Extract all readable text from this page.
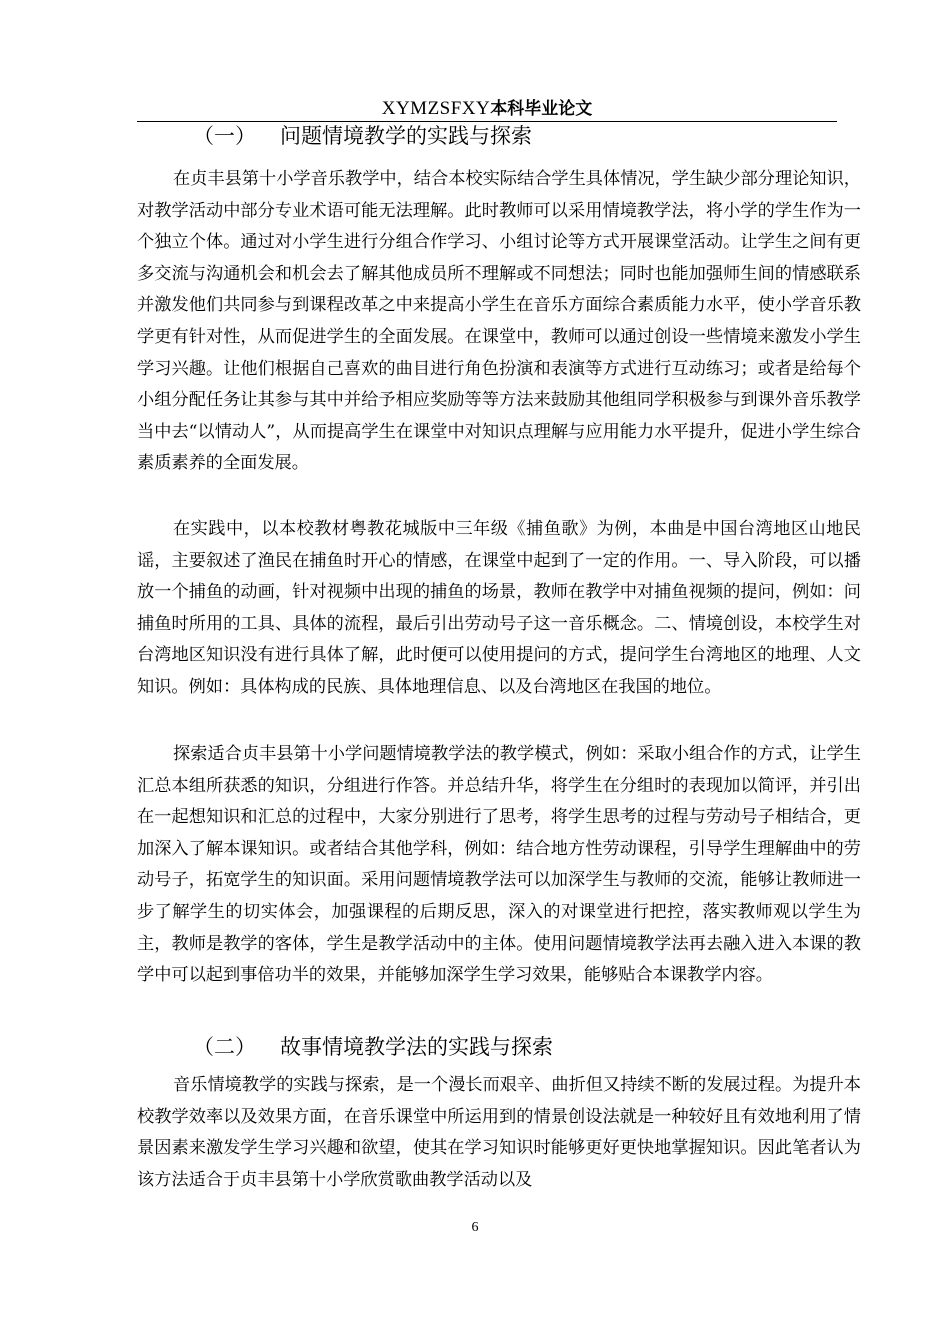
XYMZSFXY本科毕业论文
（一） 问题情境教学的实践与探索

在贞丰县第十小学音乐教学中，结合本校实际结合学生具体情况，学生缺少部分理论知识，对教学活动中部分专业术语可能无法理解。此时教师可以采用情境教学法，将小学的学生作为一个独立个体。通过对小学生进行分组合作学习、小组讨论等方式开展课堂活动。让学生之间有更多交流与沟通机会和机会去了解其他成员所不理解或不同想法；同时也能加强师生间的情感联系并激发他们共同参与到课程改革之中来提高小学生在音乐方面综合素质能力水平，使小学音乐教学更有针对性，从而促进学生的全面发展。在课堂中，教师可以通过创设一些情境来激发小学生学习兴趣。让他们根据自己喜欢的曲目进行角色扮演和表演等方式进行互动练习；或者是给每个小组分配任务让其参与其中并给予相应奖励等等方法来鼓励其他组同学积极参与到课外音乐教学当中去“以情动人”，从而提高学生在课堂中对知识点理解与应用能力水平提升，促进小学生综合素质素养的全面发展。

在实践中，以本校教材粤教花城版中三年级《捕鱼歌》为例，本曲是中国台湾地区山地民谣，主要叙述了渔民在捕鱼时开心的情感，在课堂中起到了一定的作用。一、导入阶段，可以播放一个捕鱼的动画，针对视频中出现的捕鱼的场景，教师在教学中对捕鱼视频的提问，例如：问捕鱼时所用的工具、具体的流程，最后引出劳动号子这一音乐概念。二、情境创设，本校学生对台湾地区知识没有进行具体了解，此时便可以使用提问的方式，提问学生台湾地区的地理、人文知识。例如：具体构成的民族、具体地理信息、以及台湾地区在我国的地位。

探索适合贞丰县第十小学问题情境教学法的教学模式，例如：采取小组合作的方式，让学生汇总本组所获悉的知识，分组进行作答。并总结升华，将学生在分组时的表现加以简评，并引出在一起想知识和汇总的过程中，大家分别进行了思考，将学生思考的过程与劳动号子相结合，更加深入了解本课知识。或者结合其他学科，例如：结合地方性劳动课程，引导学生理解曲中的劳动号子，拓宽学生的知识面。采用问题情境教学法可以加深学生与教师的交流，能够让教师进一步了解学生的切实体会，加强课程的后期反思，深入的对课堂进行把控，落实教师观以学生为主，教师是教学的客体，学生是教学活动中的主体。使用问题情境教学法再去融入进入本课的教学中可以起到事倍功半的效果，并能够加深学生学习效果，能够贴合本课教学内容。

（二） 故事情境教学法的实践与探索

音乐情境教学的实践与探索，是一个漫长而艰辛、曲折但又持续不断的发展过程。为提升本校教学效率以及效果方面，在音乐课堂中所运用到的情景创设法就是一种较好且有效地利用了情景因素来激发学生学习兴趣和欲望，使其在学习知识时能够更好更快地掌握知识。因此笔者认为该方法适合于贞丰县第十小学欣赏歌曲教学活动以及

6
